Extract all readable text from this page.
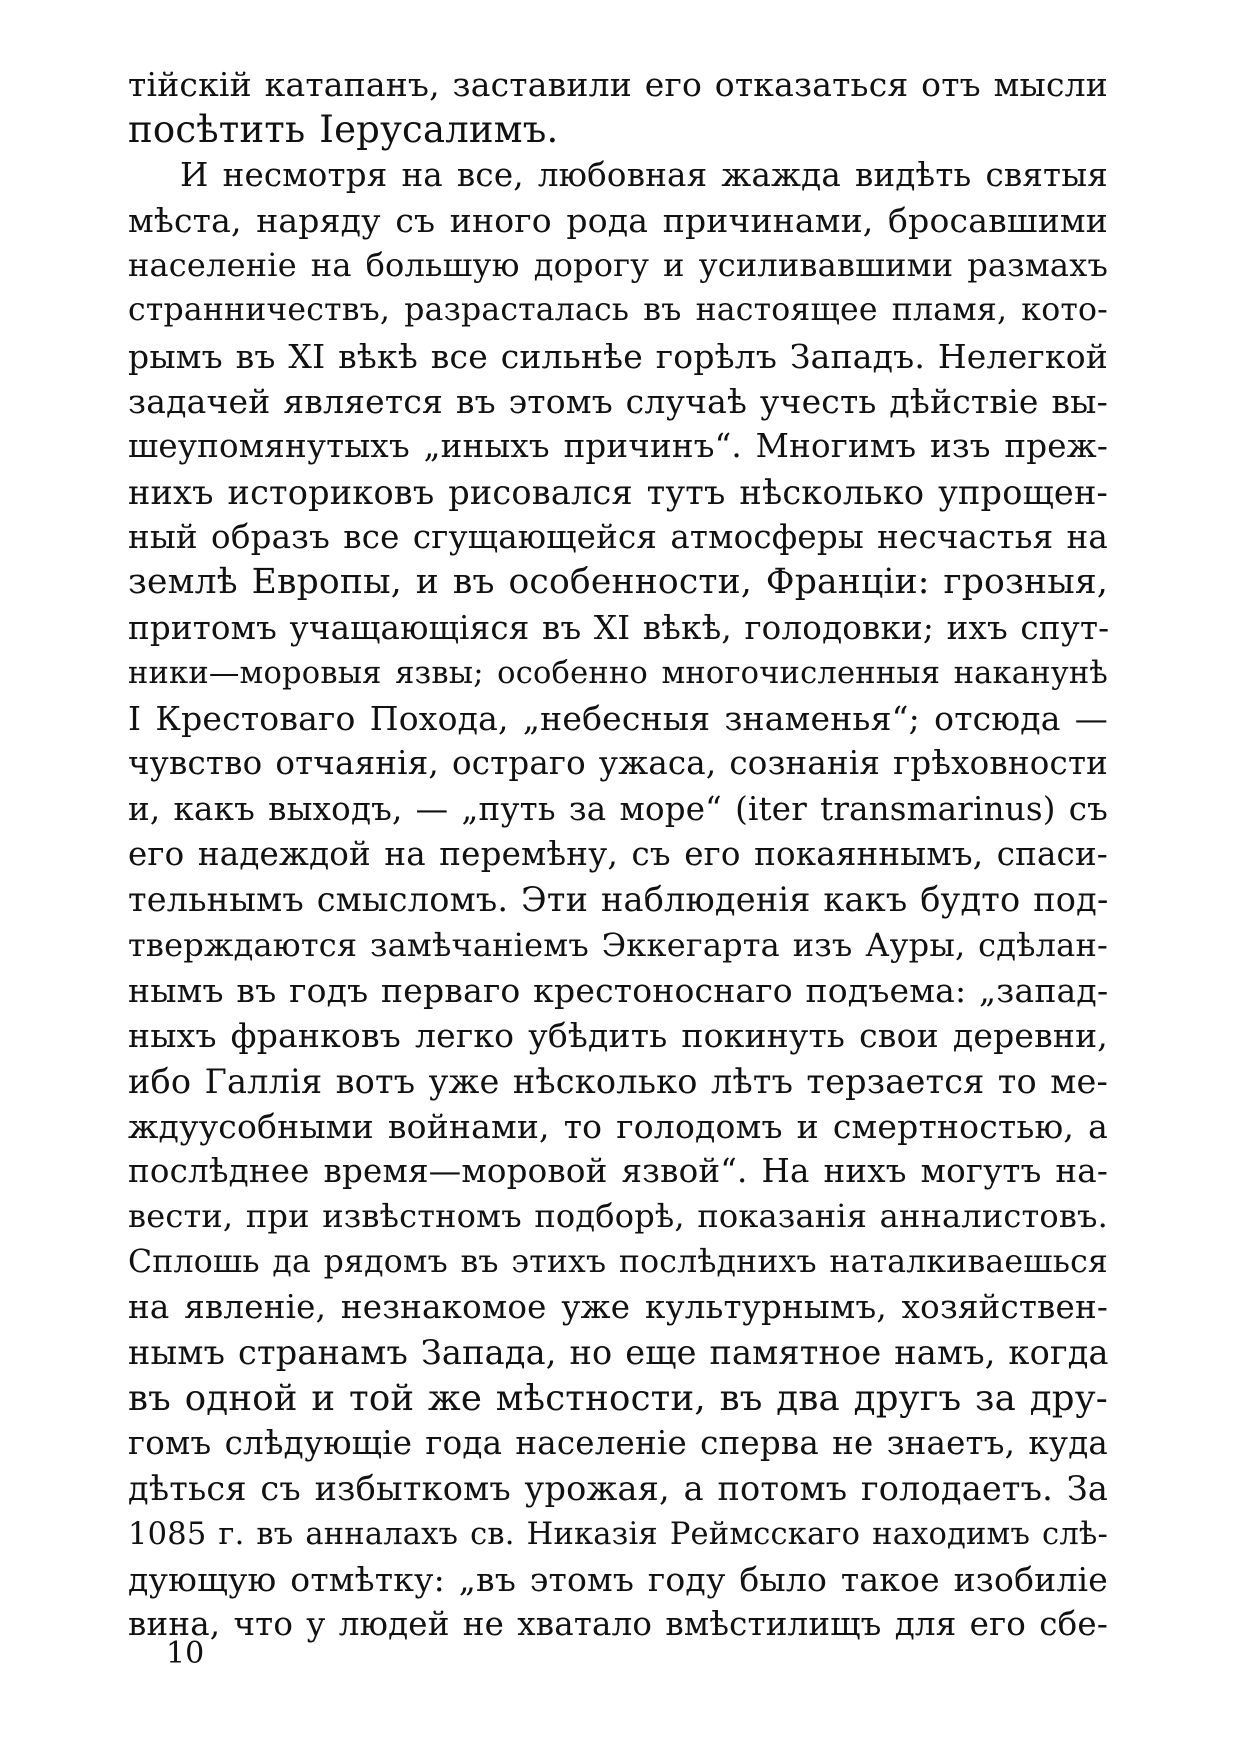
тійскій катапанъ, заставили его отказаться отъ мысли
посѣтить Іерусалимъ.
И несмотря на все, любовная жажда видѣть святыя
мѣста, наряду съ иного рода причинами, бросавшими
населеніе на большую дорогу и усиливавшими размахъ
странничествъ, разрасталась въ настоящее пламя, кото-
рымъ въ XI вѣкѣ все сильнѣе горѣлъ Западъ. Нелегкой
задачей является въ этомъ случаѣ учесть дѣйствіе вы-
шеупомянутыхъ „иныхъ причинъ“. Многимъ изъ преж-
нихъ историковъ рисовался тутъ нѣсколько упрощен-
ный образъ все сгущающейся атмосферы несчастья на
землѣ Европы, и въ особенности, Франціи: грозныя,
притомъ учащающіяся въ XI вѣкѣ, голодовки; ихъ спут-
ники—моровыя язвы; особенно многочисленныя наканунѣ
I Крестоваго Похода, „небесныя знаменья“; отсюда —
чувство отчаянія, остраго ужаса, сознанія грѣховности
и, какъ выходъ, — „путь за море“ (iter transmarinus) съ
его надеждой на перемѣну, съ его покаяннымъ, спаси-
тельнымъ смысломъ. Эти наблюденія какъ будто под-
тверждаются замѣчаніемъ Эккегарта изъ Ауры, сдѣлан-
нымъ въ годъ перваго крестоноснаго подъема: „запад-
ныхъ франковъ легко убѣдить покинуть свои деревни,
ибо Галлія вотъ уже нѣсколько лѣтъ терзается то ме-
ждуусобными войнами, то голодомъ и смертностью, а
послѣднее время—моровой язвой“. На нихъ могутъ на-
вести, при извѣстномъ подборѣ, показанія анналистовъ.
Сплошь да рядомъ въ этихъ послѣднихъ наталкиваешься
на явленіе, незнакомое уже культурнымъ, хозяйствен-
нымъ странамъ Запада, но еще памятное намъ, когда
въ одной и той же мѣстности, въ два другъ за дру-
гомъ слѣдующіе года населеніе сперва не знаетъ, куда
дѣться съ избыткомъ урожая, а потомъ голодаетъ. За
1085 г. въ анналахъ св. Никазія Реймсскаго находимъ слѣ-
дующую отмѣтку: „въ этомъ году было такое изобиліе
вина, что у людей не хватало вмѣстилищъ для его сбе-
10
